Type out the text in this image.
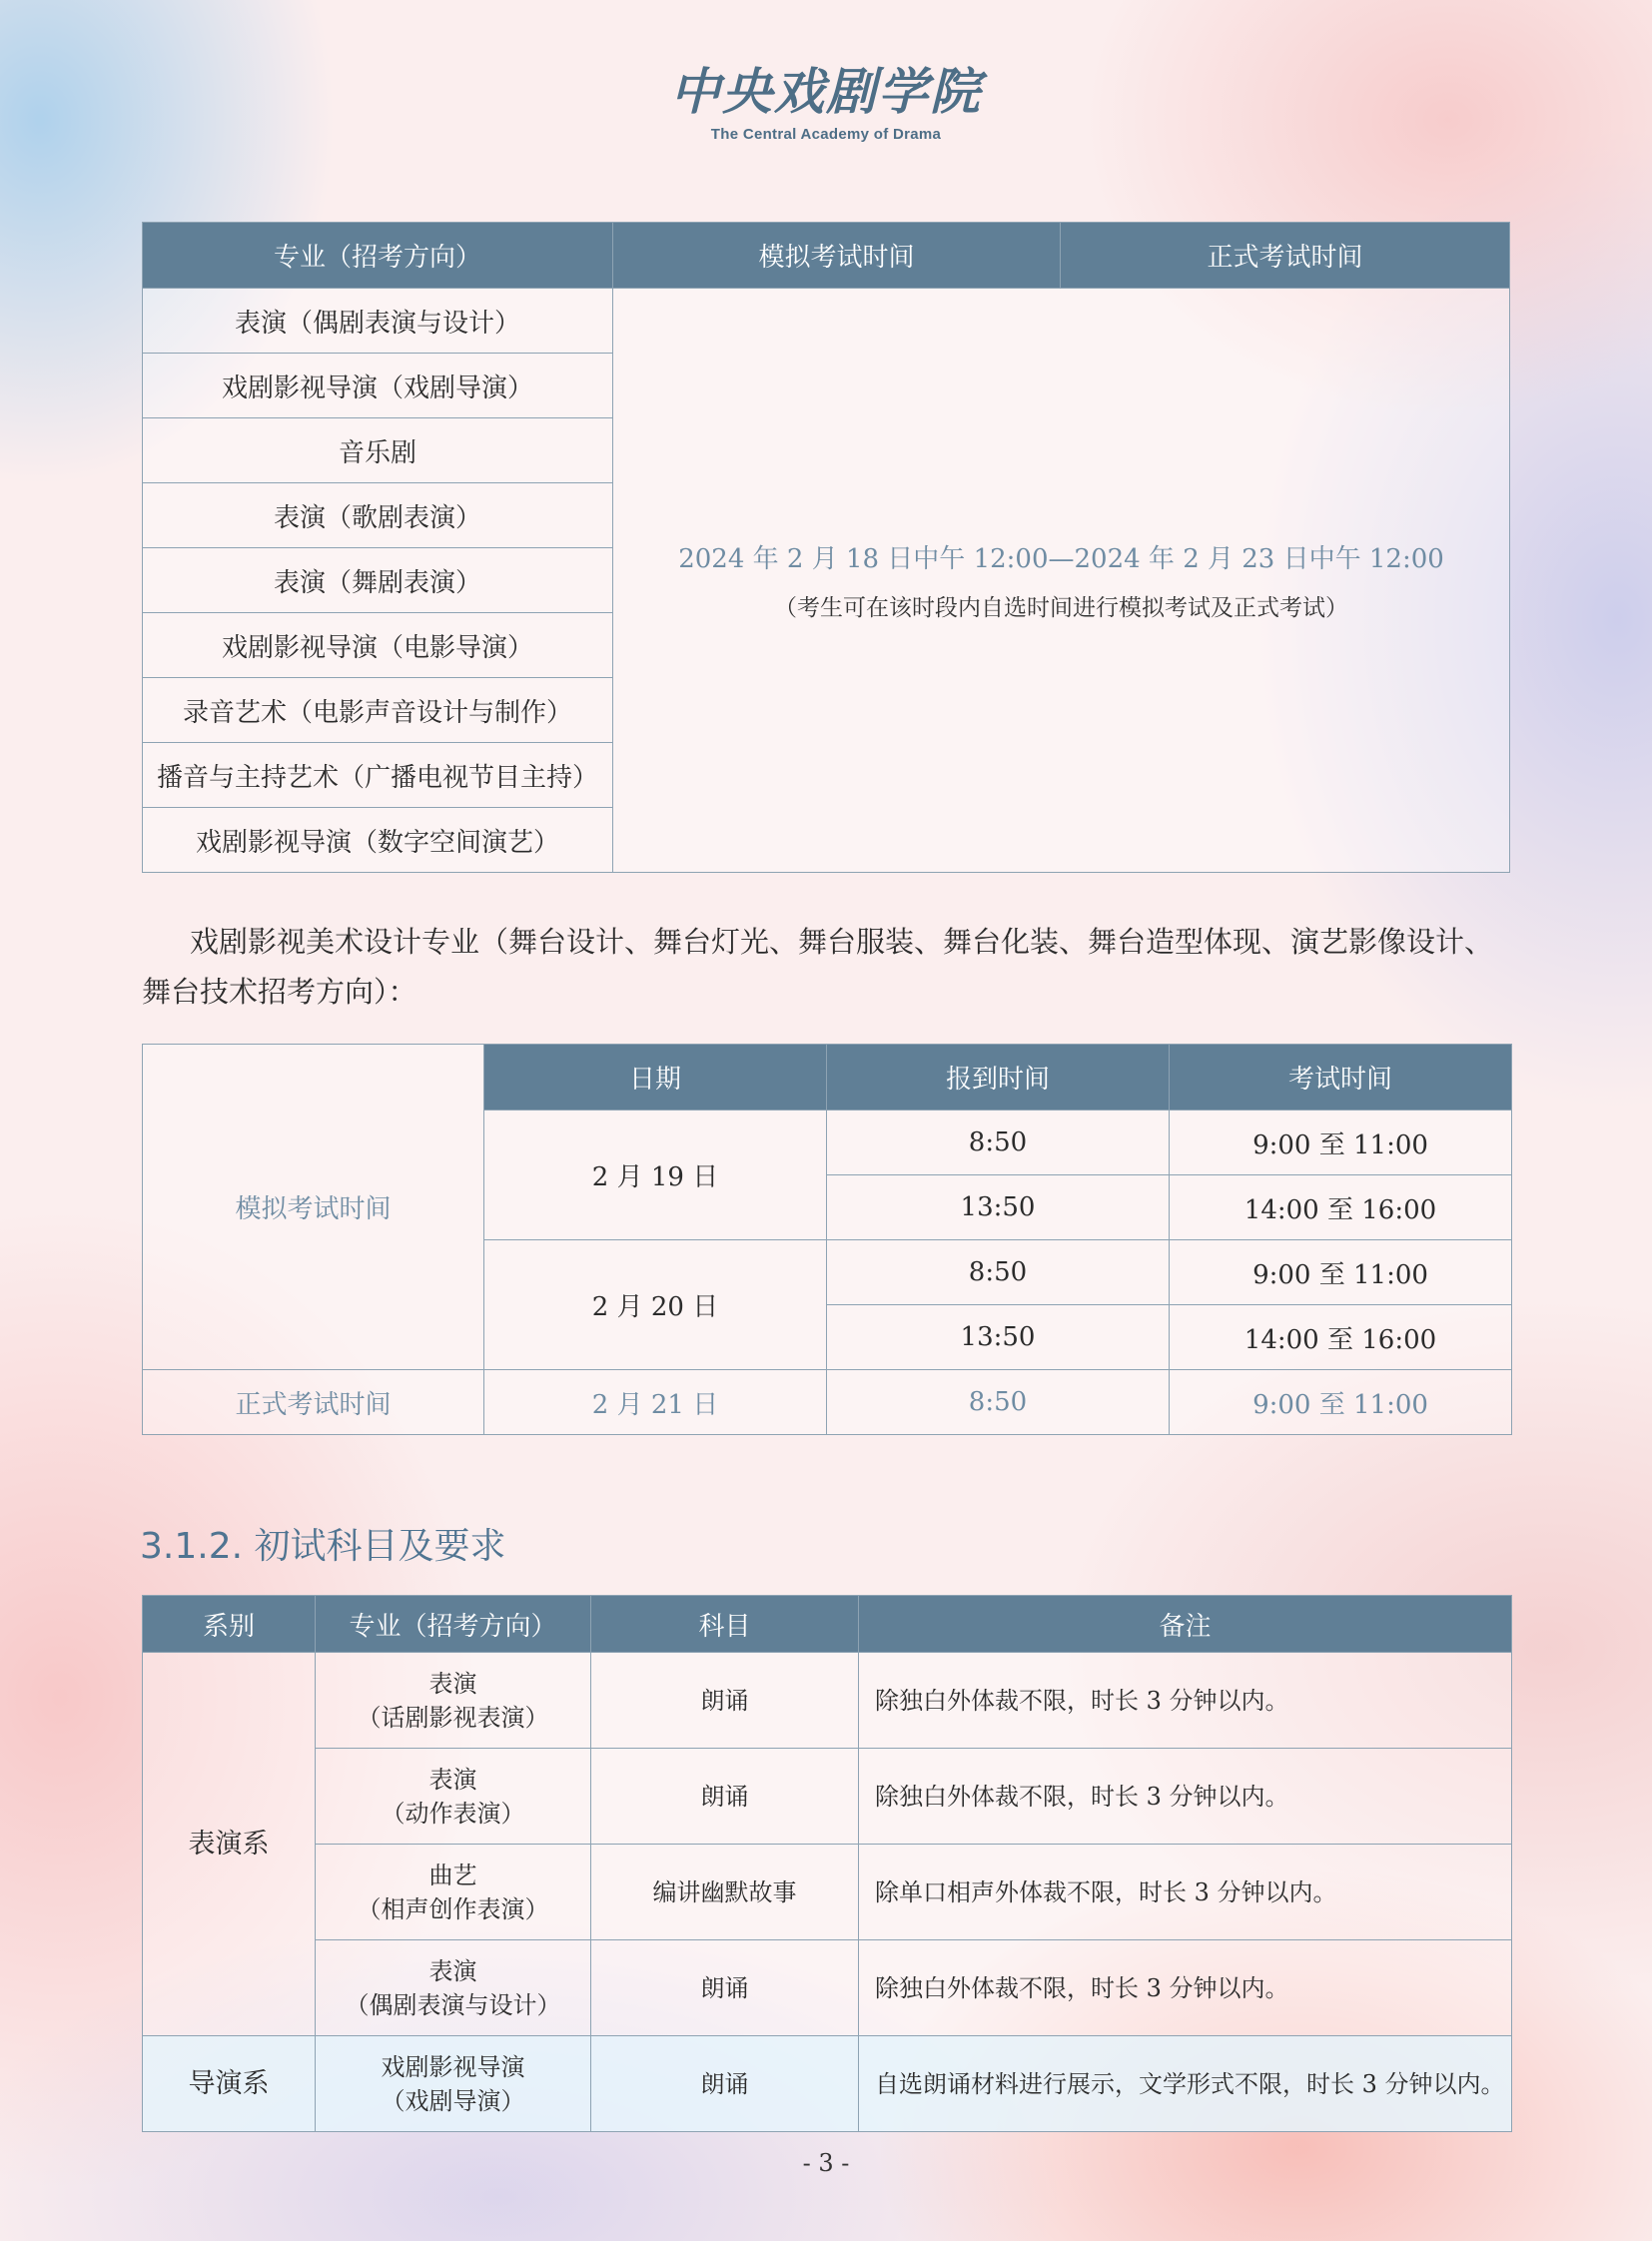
中央戏剧学院
The Central Academy of Drama
专业（招考方向）	模拟考试时间	正式考试时间
表演（偶剧表演与设计）	2024 年 2 月 18 日中午 12:00—2024 年 2 月 23 日中午 12:00
（考生可在该时段内自选时间进行模拟考试及正式考试）	

戏剧影视导演（戏剧导演）		
音乐剧		
表演（歌剧表演）		
表演（舞剧表演）		
戏剧影视导演（电影导演）		
录音艺术（电影声音设计与制作）		
播音与主持艺术（广播电视节目主持）		
戏剧影视导演（数字空间演艺）		
戏剧影视美术设计专业（舞台设计、舞台灯光、舞台服装、舞台化装、舞台造型体现、演艺影像设计、舞台技术招考方向）：
模拟考试时间	日期	报到时间	考试时间
	2 月 19 日	8:50	9:00 至 11:00
		13:50	14:00 至 16:00
	2 月 20 日	8:50	9:00 至 11:00
		13:50	14:00 至 16:00
正式考试时间	2 月 21 日	8:50	9:00 至 11:00
3.1.2. 初试科目及要求
系别	专业（招考方向）	科目	备注
表演系	表演
（话剧影视表演）	朗诵	除独白外体裁不限，时长 3 分钟以内。

	表演
（动作表演）	朗诵	除独白外体裁不限，时长 3 分钟以内。

	曲艺
（相声创作表演）	编讲幽默故事	除单口相声外体裁不限，时长 3 分钟以内。

	表演
（偶剧表演与设计）	朗诵	除独白外体裁不限，时长 3 分钟以内。
导演系	戏剧影视导演
（戏剧导演）	朗诵	自选朗诵材料进行展示，文学形式不限，时长 3 分钟以内。
- 3 -
